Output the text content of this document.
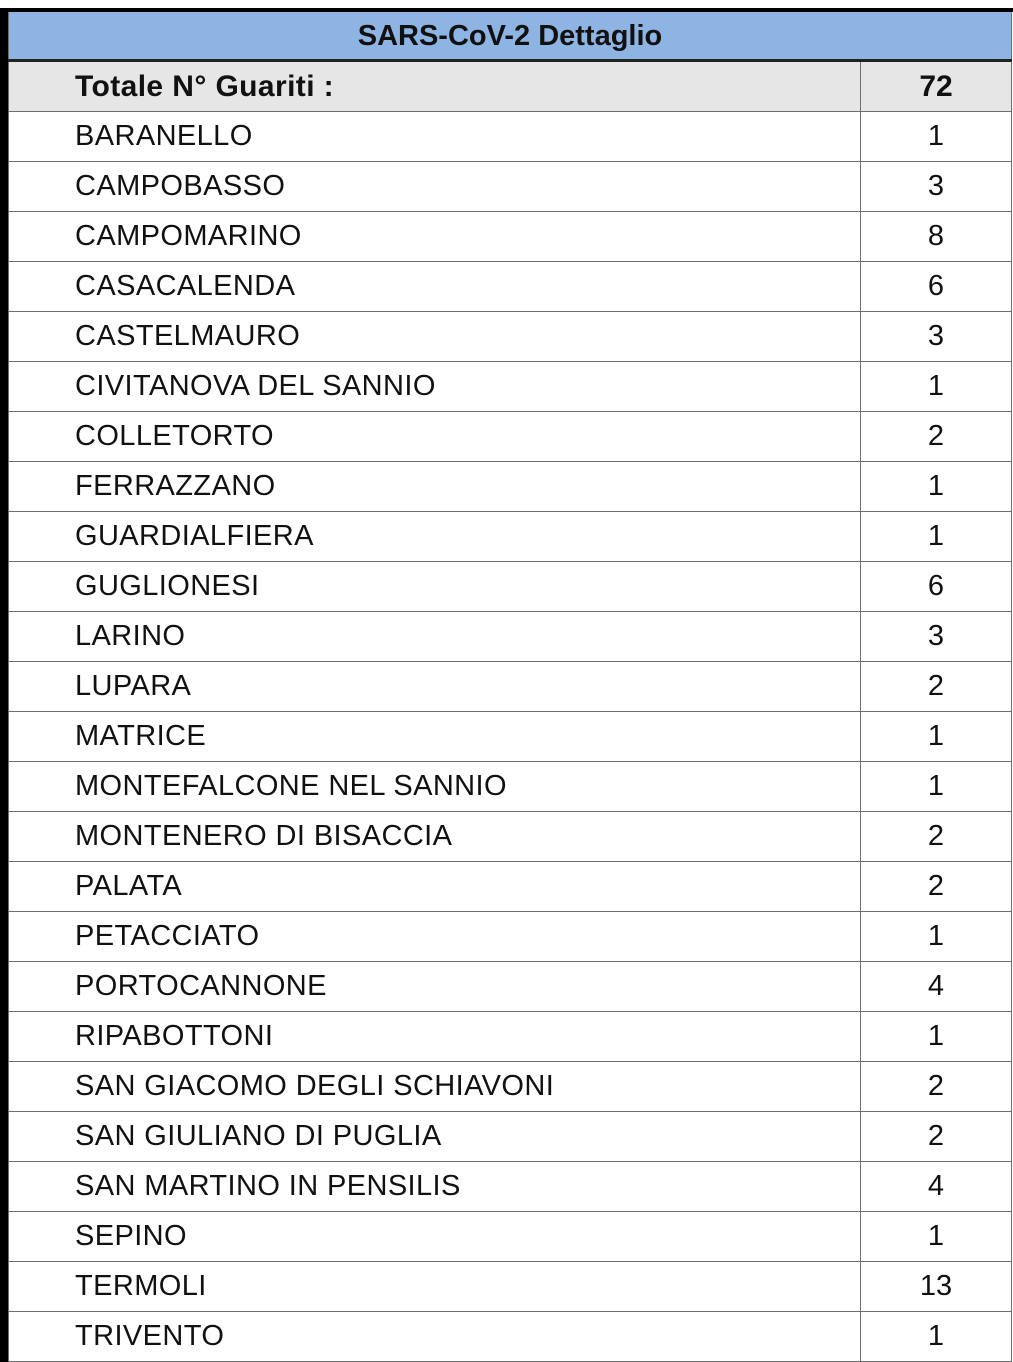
SARS-CoV-2 Dettaglio	
Totale N° Guariti :	72
BARANELLO	1
CAMPOBASSO	3
CAMPOMARINO	8
CASACALENDA	6
CASTELMAURO	3
CIVITANOVA DEL SANNIO	1
COLLETORTO	2
FERRAZZANO	1
GUARDIALFIERA	1
GUGLIONESI	6
LARINO	3
LUPARA	2
MATRICE	1
MONTEFALCONE NEL SANNIO	1
MONTENERO DI BISACCIA	2
PALATA	2
PETACCIATO	1
PORTOCANNONE	4
RIPABOTTONI	1
SAN GIACOMO DEGLI SCHIAVONI	2
SAN GIULIANO DI PUGLIA	2
SAN MARTINO IN PENSILIS	4
SEPINO	1
TERMOLI	13
TRIVENTO	1
